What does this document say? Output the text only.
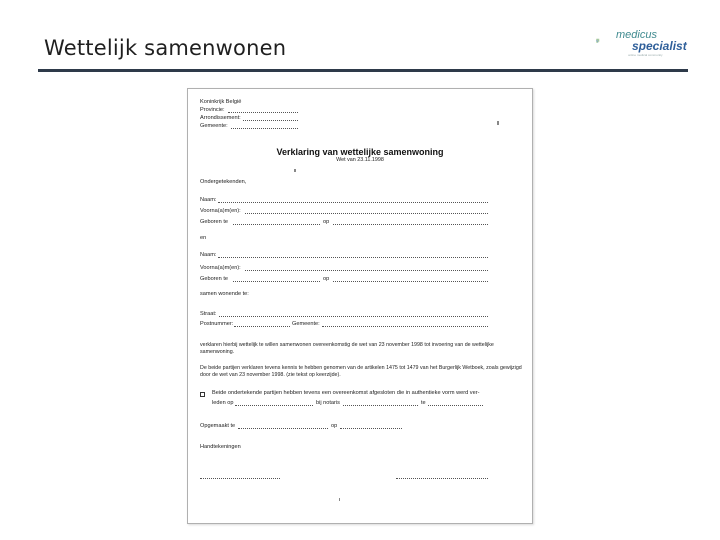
Wettelijk samenwonen
medicus
specialist
online medical community
Koninkrijk België
Provincie:
Arrondissement:
Gemeente:
Verklaring van wettelijke samenwoning
Wet van 23.11.1998
Ondergetekenden,
Naam:
Voorna(a)m(en):
Geboren te	op
en
Naam:
Voorna(a)m(en):
Geboren te	op
samen wonende te:
Straat:
Postnummer:	Gemeente:
verklaren hierbij wettelijk te willen samenwonen overeenkomstig de wet van 23 november 1998 tot invoering van de wettelijke samenwoning.
De beide partijen verklaren tevens kennis te hebben genomen van de artikelen 1475 tot 1479 van het Burgerlijk Wetboek, zoals gewijzigd door de wet van 23 november 1998. (zie tekst op keerzijde).
Beide ondertekende partijen hebben tevens een overeenkomst afgesloten die in authentieke vorm werd ver-
leden op	bij notaris	te
Opgemaakt te	op
Handtekeningen
